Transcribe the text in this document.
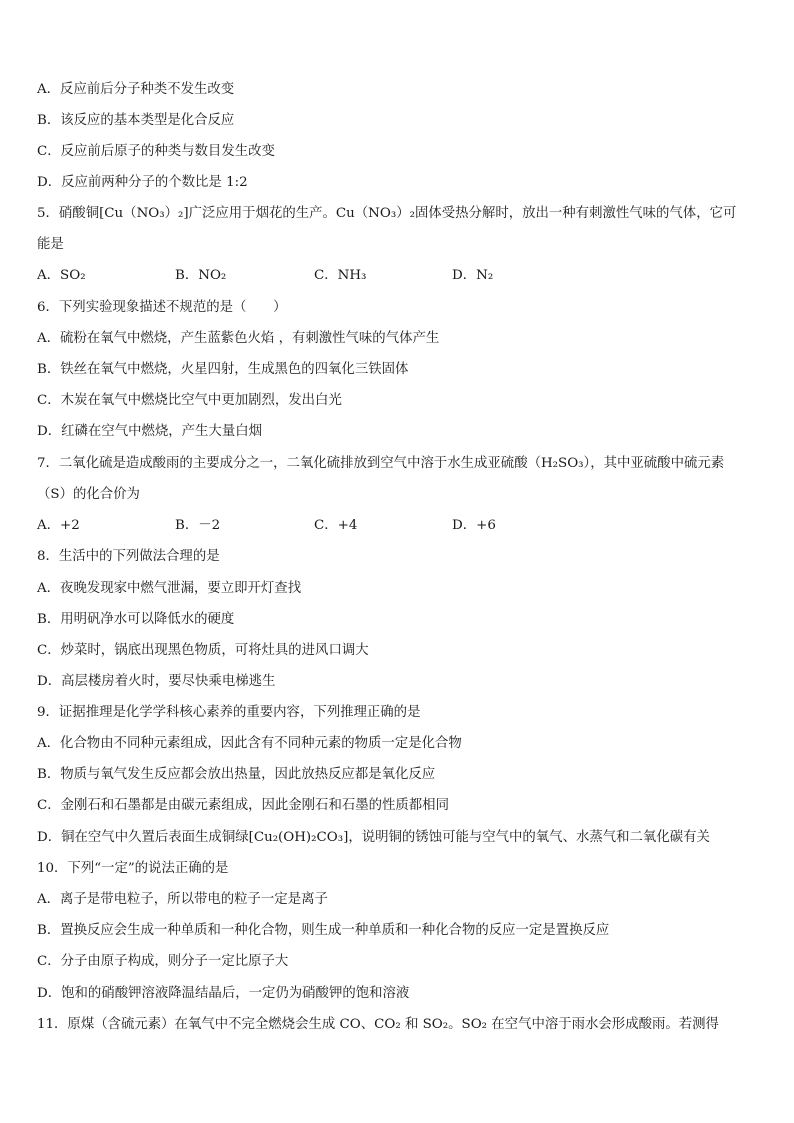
A．反应前后分子种类不发生改变
B．该反应的基本类型是化合反应
C．反应前后原子的种类与数目发生改变
D．反应前两种分子的个数比是 1:2
5．硝酸铜[Cu（NO₃）₂]广泛应用于烟花的生产。Cu（NO₃）₂固体受热分解时，放出一种有刺激性气味的气体，它可
能是
A．SO₂	B．NO₂	C．NH₃	D．N₂
6．下列实验现象描述不规范的是（　　）
A．硫粉在氧气中燃烧，产生蓝紫色火焰 ，有刺激性气味的气体产生
B．铁丝在氧气中燃烧，火星四射，生成黑色的四氧化三铁固体
C．木炭在氧气中燃烧比空气中更加剧烈，发出白光
D．红磷在空气中燃烧，产生大量白烟
7．二氧化硫是造成酸雨的主要成分之一，二氧化硫排放到空气中溶于水生成亚硫酸（H₂SO₃），其中亚硫酸中硫元素
（S）的化合价为
A．+2	B．－2	C．+4	D．+6
8．生活中的下列做法合理的是
A．夜晚发现家中燃气泄漏，要立即开灯查找
B．用明矾净水可以降低水的硬度
C．炒菜时，锅底出现黑色物质，可将灶具的进风口调大
D．高层楼房着火时，要尽快乘电梯逃生
9．证据推理是化学学科核心素养的重要内容，下列推理正确的是
A．化合物由不同种元素组成，因此含有不同种元素的物质一定是化合物
B．物质与氧气发生反应都会放出热量，因此放热反应都是氧化反应
C．金刚石和石墨都是由碳元素组成，因此金刚石和石墨的性质都相同
D．铜在空气中久置后表面生成铜绿[Cu₂(OH)₂CO₃]，说明铜的锈蚀可能与空气中的氧气、水蒸气和二氧化碳有关
10．下列“一定”的说法正确的是
A．离子是带电粒子，所以带电的粒子一定是离子
B．置换反应会生成一种单质和一种化合物，则生成一种单质和一种化合物的反应一定是置换反应
C．分子由原子构成，则分子一定比原子大
D．饱和的硝酸钾溶液降温结晶后，一定仍为硝酸钾的饱和溶液
11．原煤（含硫元素）在氧气中不完全燃烧会生成 CO、CO₂ 和 SO₂。SO₂ 在空气中溶于雨水会形成酸雨。若测得
